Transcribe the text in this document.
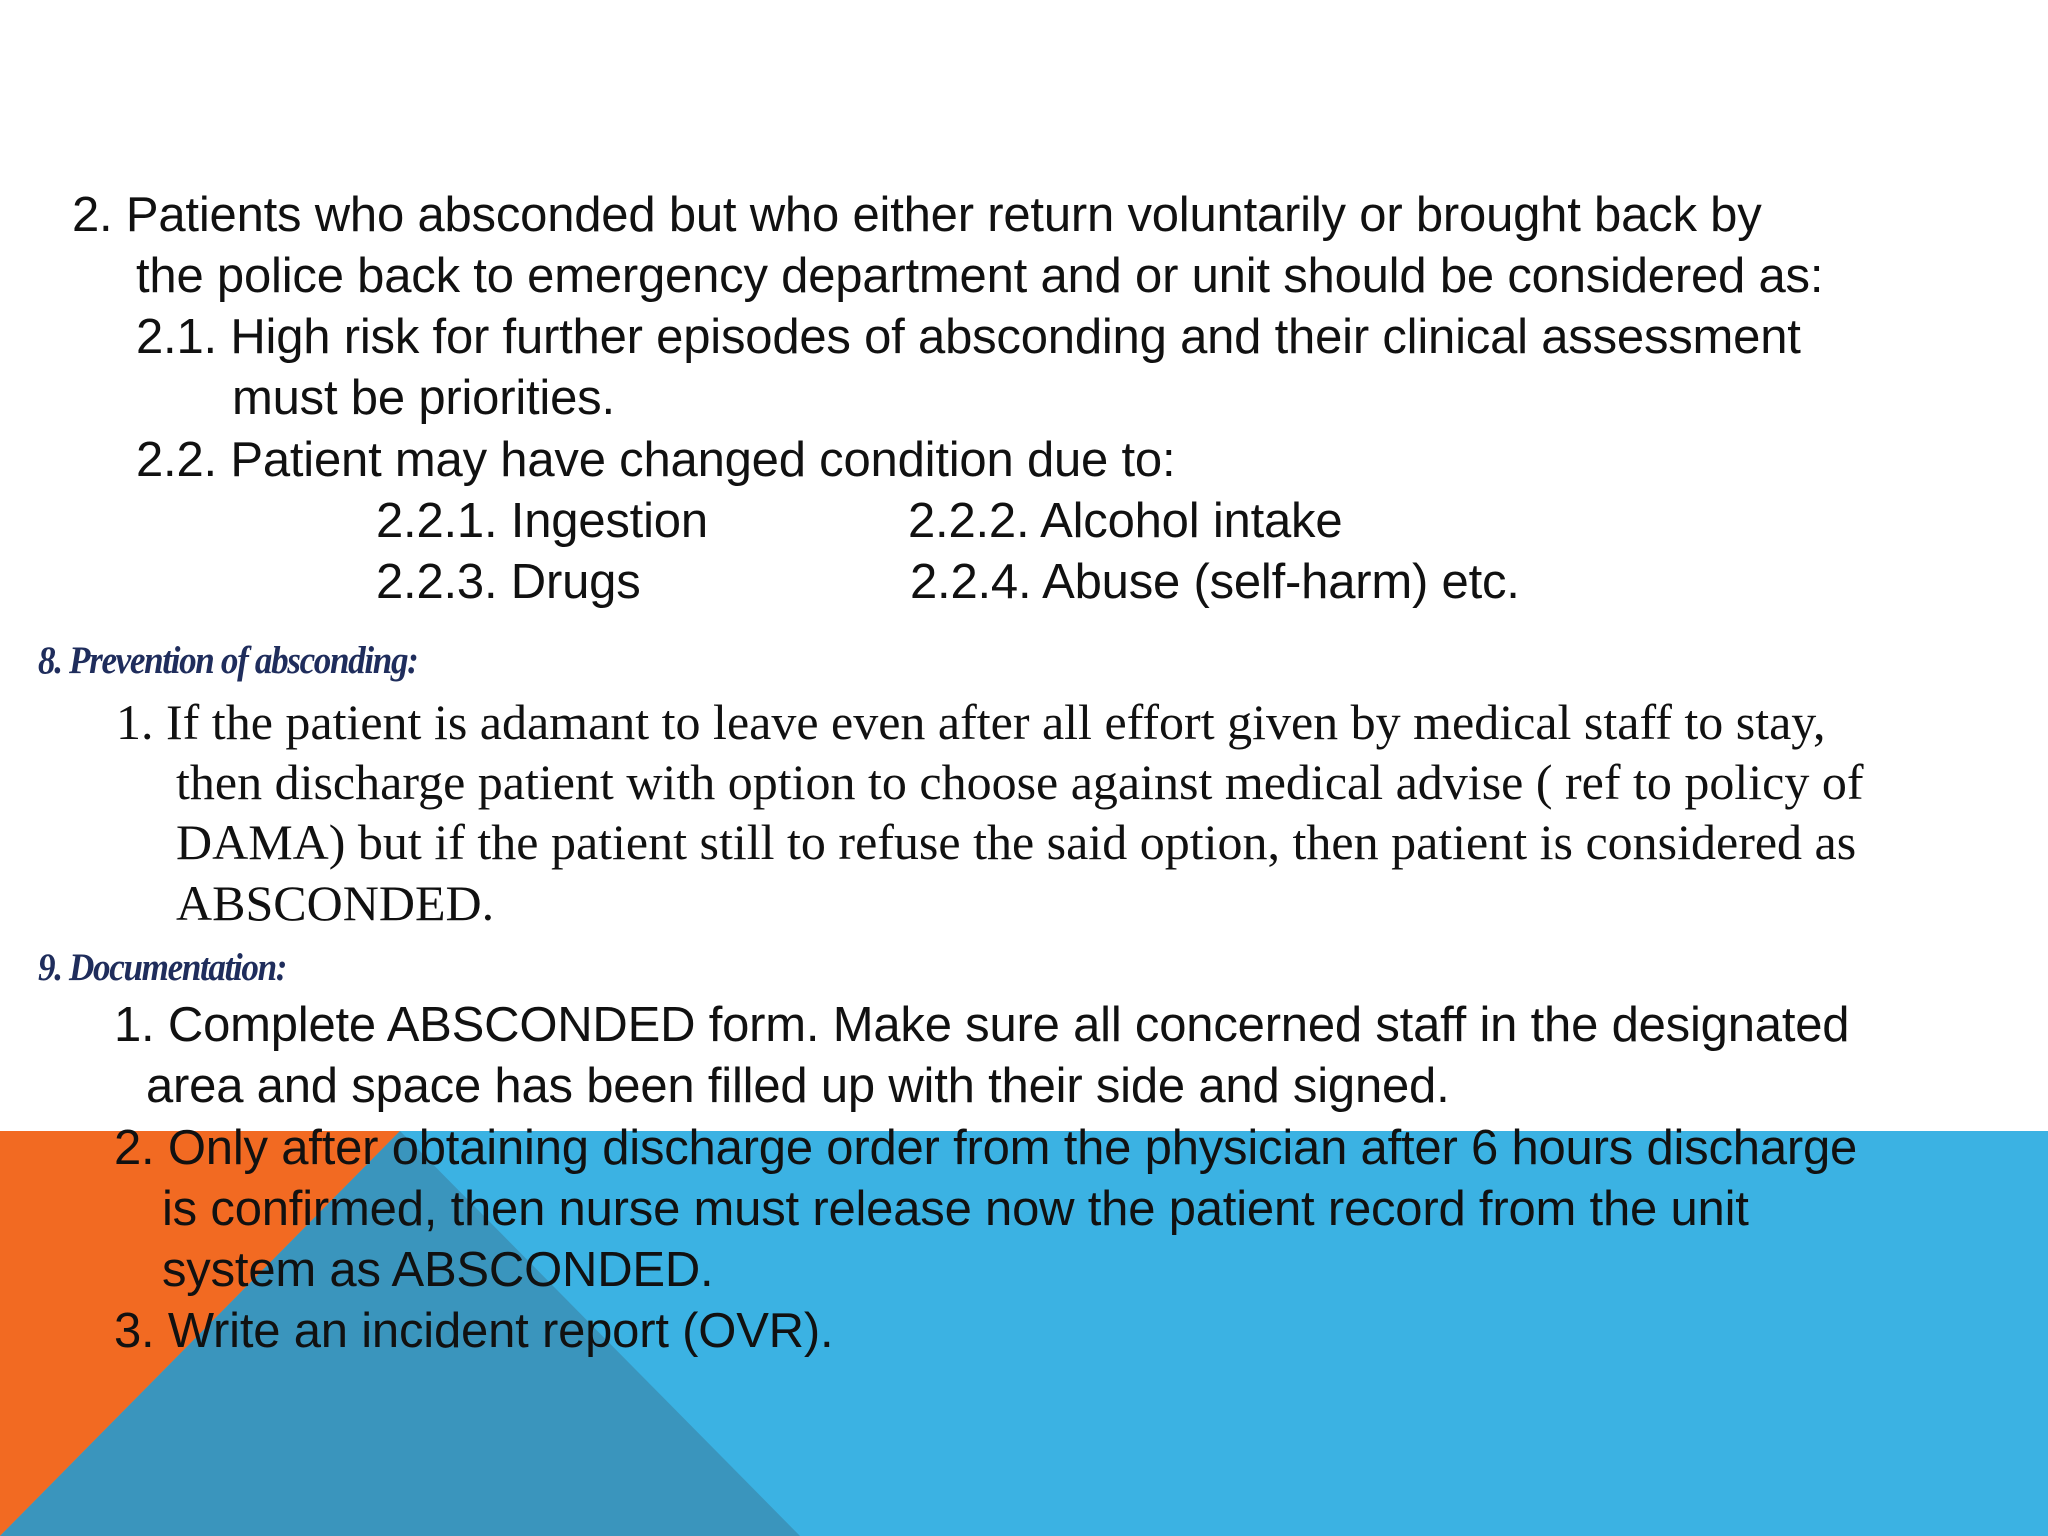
2. Patients who absconded but who either return voluntarily or brought back by

the police back to emergency department and or unit should be considered as:

2.1. High risk for further episodes of absconding and their clinical assessment

must be priorities.

2.2. Patient may have changed condition due to:

2.2.1. Ingestion	2.2.2. Alcohol intake

2.2.3. Drugs	2.2.4. Abuse (self-harm) etc.

8. Prevention of absconding:

1. If the patient is adamant to leave even after all effort given by medical staff to stay,

then discharge patient with option to choose against medical advise ( ref to policy of

DAMA) but if the patient still to refuse the said option, then patient is considered as

ABSCONDED.

9. Documentation:

1. Complete ABSCONDED form. Make sure all concerned staff in the designated

area and space has been filled up with their side and signed.

2. Only after obtaining discharge order from the physician after 6 hours discharge

is confirmed, then nurse must release now the patient record from the unit

system as ABSCONDED.

3. Write an incident report (OVR).
